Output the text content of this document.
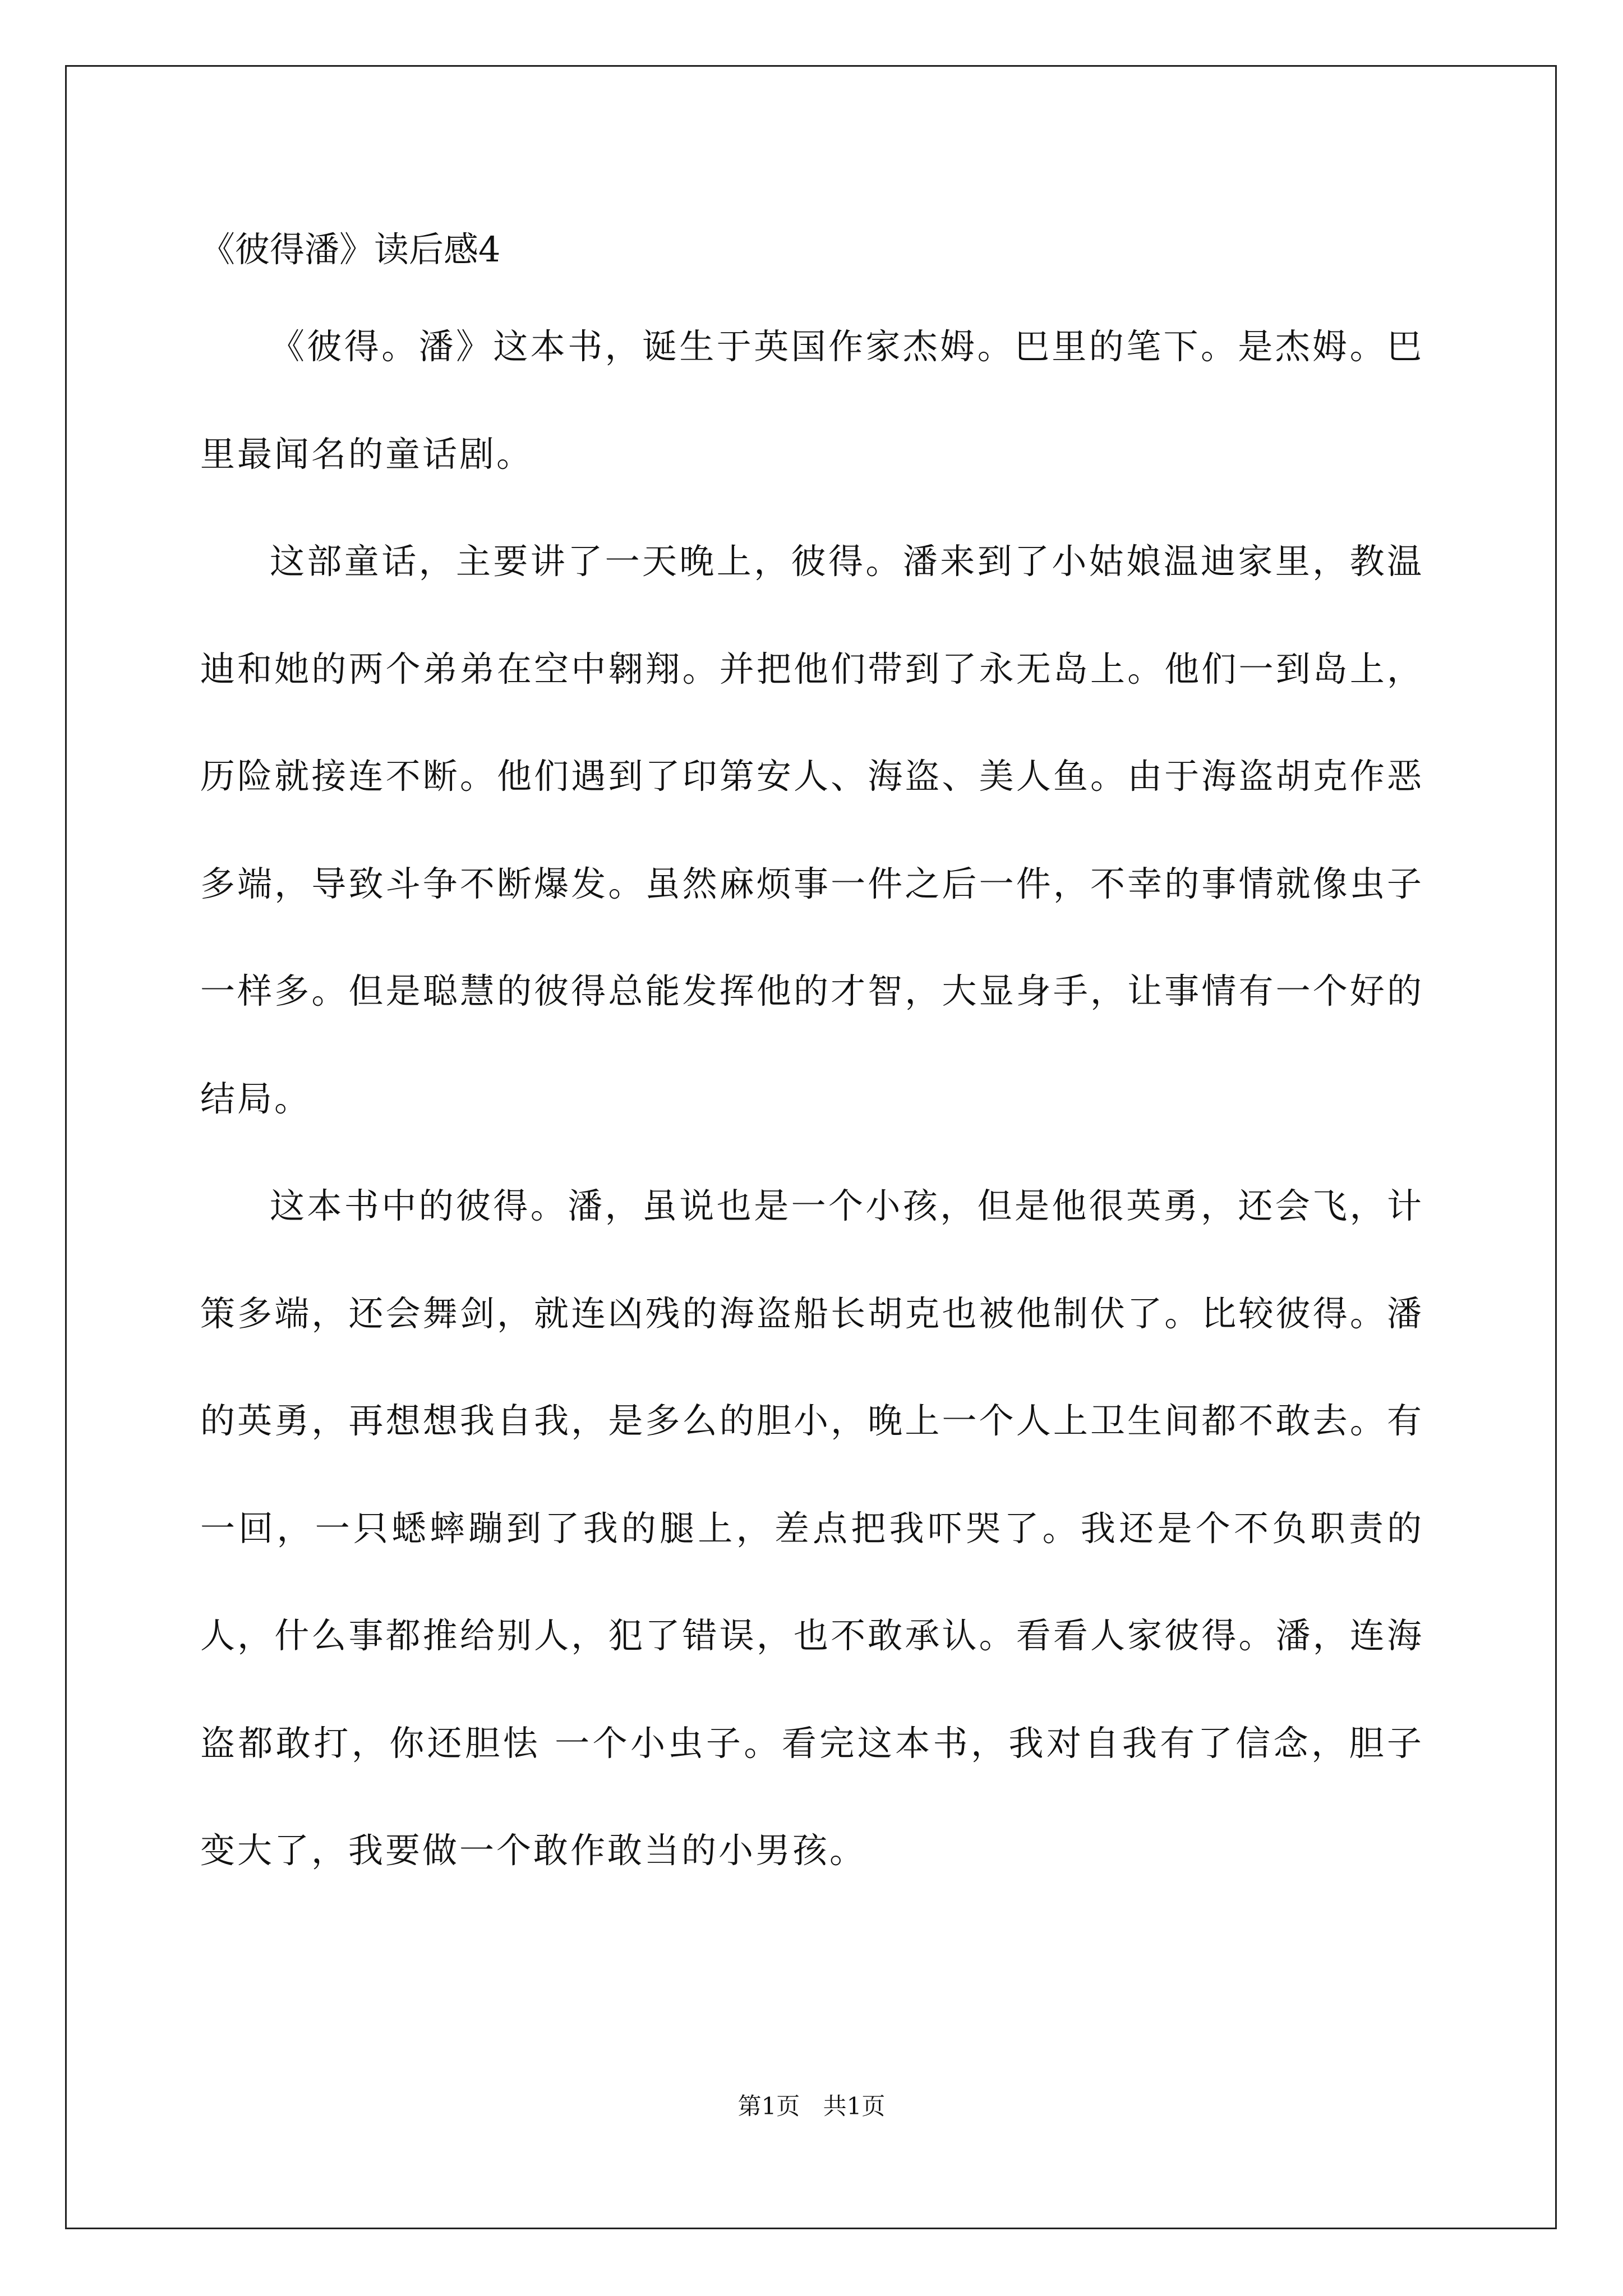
《彼得潘》读后感4

《彼得。潘》这本书，诞生于英国作家杰姆。巴里的笔下。是杰姆。巴里最闻名的童话剧。

这部童话，主要讲了一天晚上，彼得。潘来到了小姑娘温迪家里，教温迪和她的两个弟弟在空中翱翔。并把他们带到了永无岛上。他们一到岛上，历险就接连不断。他们遇到了印第安人、海盗、美人鱼。由于海盗胡克作恶多端，导致斗争不断爆发。虽然麻烦事一件之后一件，不幸的事情就像虫子一样多。但是聪慧的彼得总能发挥他的才智，大显身手，让事情有一个好的结局。

这本书中的彼得。潘，虽说也是一个小孩，但是他很英勇，还会飞，计策多端，还会舞剑，就连凶残的海盗船长胡克也被他制伏了。比较彼得。潘的英勇，再想想我自我，是多么的胆小，晚上一个人上卫生间都不敢去。有一回，一只蟋蟀蹦到了我的腿上，差点把我吓哭了。我还是个不负职责的人，什么事都推给别人，犯了错误，也不敢承认。看看人家彼得。潘，连海盗都敢打，你还胆怯 一个小虫子。看完这本书，我对自我有了信念，胆子变大了，我要做一个敢作敢当的小男孩。

第1页 共1页
